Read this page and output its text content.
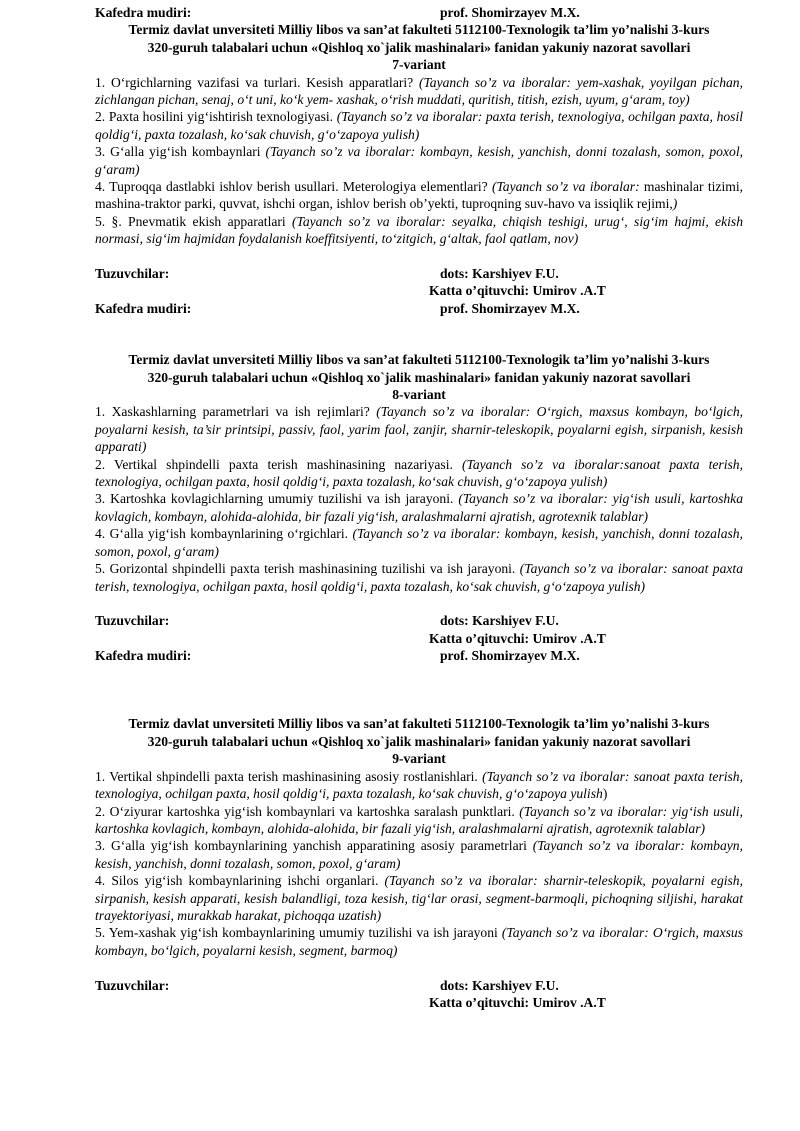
Kafedra mudiri:	prof. Shomirzayev M.X.
Termiz davlat unversiteti Milliy libos va san’at fakulteti 5112100-Texnologik ta’lim yo’nalishi 3-kurs
320-guruh talabalari uchun «Qishloq xo`jalik mashinalari» fanidan yakuniy nazorat savollari
7-variant
1. O‘rgichlarning vazifasi va turlari. Kesish apparatlari? (Tayanch so’z va iboralar: yem-xashak, yoyilgan pichan, zichlangan pichan, senaj, o‘t uni, ko‘k yem- xashak, o‘rish muddati, quritish, titish, ezish, uyum, g‘aram, toy)
2. Paxta hosilini yig‘ishtirish texnologiyasi. (Tayanch so’z va iboralar: paxta terish, texnologiya, ochilgan paxta, hosil qoldig‘i, paxta tozalash, ko‘sak chuvish, g‘o‘zapoya yulish)
3. G‘alla yig‘ish kombaynlari (Tayanch so’z va iboralar: kombayn, kesish, yanchish, donni tozalash, somon, poxol, g‘aram)
4. Tuproqqa dastlabki ishlov berish usullari. Meterologiya elementlari? (Tayanch so’z va iboralar: mashinalar tizimi, mashina-traktor parki, quvvat, ishchi organ, ishlov berish ob’yekti, tuproqning suv-havo va issiqlik rejimi,)
5. §. Pnevmatik ekish apparatlari (Tayanch so’z va iboralar: seyalka, chiqish teshigi, urug‘, sig‘im hajmi, ekish normasi, sig‘im hajmidan foydalanish koeffitsiyenti, to‘zitgich, g‘altak, faol qatlam, nov)
Tuzuvchilar:	dots: Karshiyev F.U.
Katta o’qituvchi: Umirov .A.T
Kafedra mudiri:	prof. Shomirzayev M.X.
Termiz davlat unversiteti Milliy libos va san’at fakulteti 5112100-Texnologik ta’lim yo’nalishi 3-kurs
320-guruh talabalari uchun «Qishloq xo`jalik mashinalari» fanidan yakuniy nazorat savollari
8-variant
1. Xaskashlarning parametrlari va ish rejimlari? (Tayanch so’z va iboralar: O‘rgich, maxsus kombayn, bo‘lgich, poyalarni kesish, ta’sir printsipi, passiv, faol, yarim faol, zanjir, sharnir-teleskopik, poyalarni egish, sirpanish, kesish apparati)
2. Vertikal shpindelli paxta terish mashinasining nazariyasi. (Tayanch so’z va iboralar:sanoat paxta terish, texnologiya, ochilgan paxta, hosil qoldig‘i, paxta tozalash, ko‘sak chuvish, g‘o‘zapoya yulish)
3. Kartoshka kovlagichlarning umumiy tuzilishi va ish jarayoni. (Tayanch so’z va iboralar: yig‘ish usuli, kartoshka kovlagich, kombayn, alohida-alohida, bir fazali yig‘ish, aralashmalarni ajratish, agrotexnik talablar)
4. G‘alla yig‘ish kombaynlarining o‘rgichlari. (Tayanch so’z va iboralar: kombayn, kesish, yanchish, donni tozalash, somon, poxol, g‘aram)
5. Gorizontal shpindelli paxta terish mashinasining tuzilishi va ish jarayoni. (Tayanch so’z va iboralar: sanoat paxta terish, texnologiya, ochilgan paxta, hosil qoldig‘i, paxta tozalash, ko‘sak chuvish, g‘o‘zapoya yulish)
Tuzuvchilar:	dots: Karshiyev F.U.
Katta o’qituvchi: Umirov .A.T
Kafedra mudiri:	prof. Shomirzayev M.X.
Termiz davlat unversiteti Milliy libos va san’at fakulteti 5112100-Texnologik ta’lim yo’nalishi 3-kurs
320-guruh talabalari uchun «Qishloq xo`jalik mashinalari» fanidan yakuniy nazorat savollari
9-variant
1. Vertikal shpindelli paxta terish mashinasining asosiy rostlanishlari. (Tayanch so’z va iboralar: sanoat paxta terish, texnologiya, ochilgan paxta, hosil qoldig‘i, paxta tozalash, ko‘sak chuvish, g‘o‘zapoya yulish)
2. O‘ziyurar kartoshka yig‘ish kombaynlari va kartoshka saralash punktlari. (Tayanch so’z va iboralar: yig‘ish usuli, kartoshka kovlagich, kombayn, alohida-alohida, bir fazali yig‘ish, aralashmalarni ajratish, agrotexnik talablar)
3. G‘alla yig‘ish kombaynlarining yanchish apparatining asosiy parametrlari (Tayanch so’z va iboralar: kombayn, kesish, yanchish, donni tozalash, somon, poxol, g‘aram)
4. Silos yig‘ish kombaynlarining ishchi organlari. (Tayanch so’z va iboralar: sharnir-teleskopik, poyalarni egish, sirpanish, kesish apparati, kesish balandligi, toza kesish, tig‘lar orasi, segment-barmoqli, pichoqning siljishi, harakat trayektoriyasi, murakkab harakat, pichoqqa uzatish)
5. Yem-xashak yig‘ish kombaynlarining umumiy tuzilishi va ish jarayoni (Tayanch so’z va iboralar: O‘rgich, maxsus kombayn, bo‘lgich, poyalarni kesish, segment, barmoq)
Tuzuvchilar:	dots: Karshiyev F.U.
Katta o’qituvchi: Umirov .A.T
